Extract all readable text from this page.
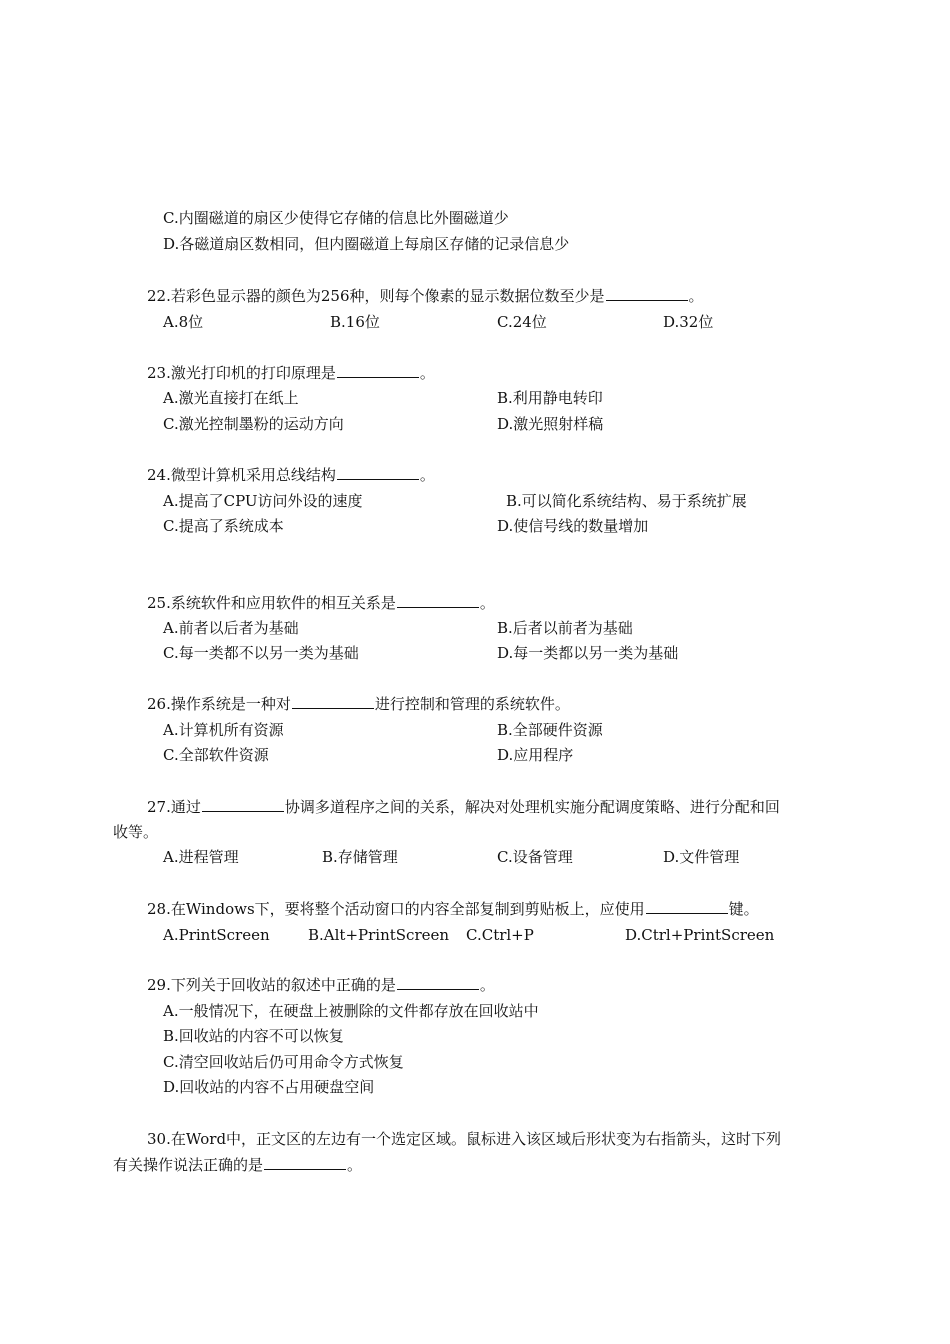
C.内圈磁道的扇区少使得它存储的信息比外圈磁道少
D.各磁道扇区数相同，但内圈磁道上每扇区存储的记录信息少
22.若彩色显示器的颜色为256种，则每个像素的显示数据位数至少是	。
A.8位	B.16位	C.24位	D.32位
23.激光打印机的打印原理是	。
A.激光直接打在纸上	B.利用静电转印
C.激光控制墨粉的运动方向	D.激光照射样稿
24.微型计算机采用总线结构	。
A.提高了CPU访问外设的速度	B.可以简化系统结构、易于系统扩展
C.提高了系统成本	D.使信号线的数量增加
25.系统软件和应用软件的相互关系是	。
A.前者以后者为基础	B.后者以前者为基础
C.每一类都不以另一类为基础	D.每一类都以另一类为基础
26.操作系统是一种对	进行控制和管理的系统软件。
A.计算机所有资源	B.全部硬件资源
C.全部软件资源	D.应用程序
27.通过	协调多道程序之间的关系，解决对处理机实施分配调度策略、进行分配和回
收等。
A.进程管理	B.存储管理	C.设备管理	D.文件管理
28.在Windows下，要将整个活动窗口的内容全部复制到剪贴板上，应使用	键。
A.PrintScreen	B.Alt+PrintScreen C.Ctrl+P	D.Ctrl+PrintScreen
29.下列关于回收站的叙述中正确的是	。
A.一般情况下，在硬盘上被删除的文件都存放在回收站中
B.回收站的内容不可以恢复
C.清空回收站后仍可用命令方式恢复
D.回收站的内容不占用硬盘空间
30.在Word中，正文区的左边有一个选定区域。鼠标进入该区域后形状变为右指箭头，这时下列
有关操作说法正确的是	。
